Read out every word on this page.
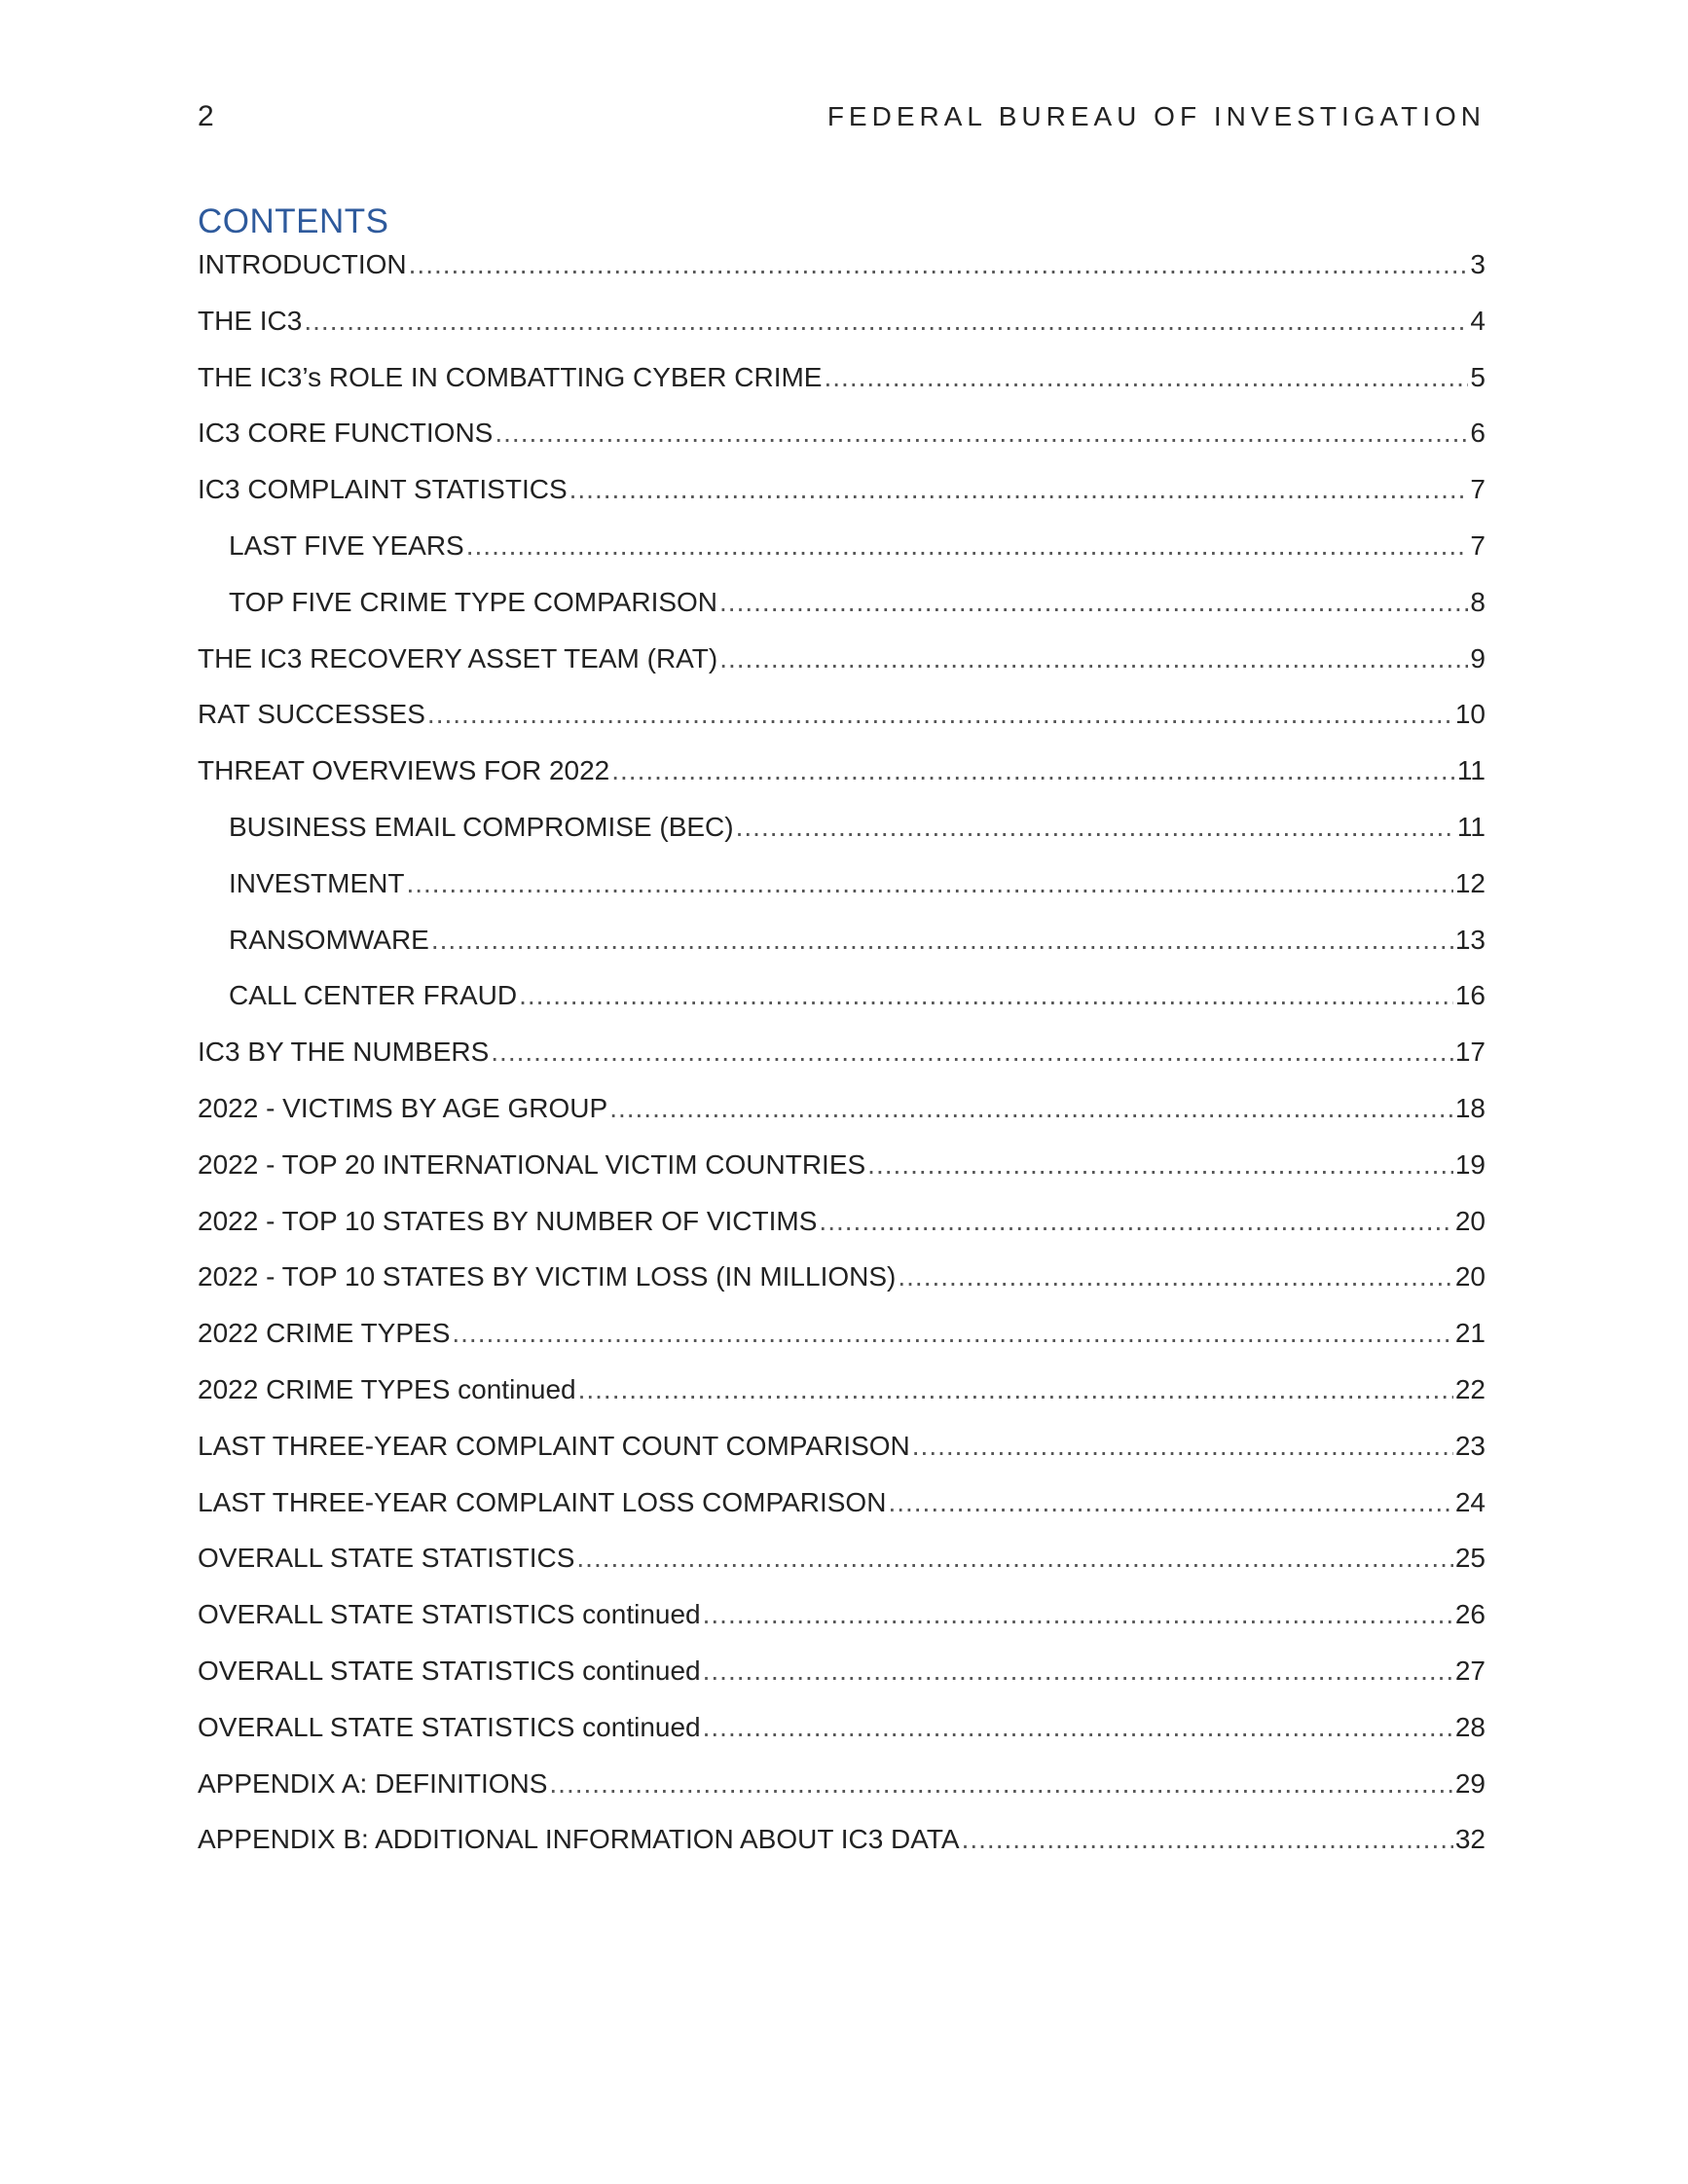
2	FEDERAL BUREAU OF INVESTIGATION
CONTENTS
INTRODUCTION .....	3
THE IC3 .....	4
THE IC3’s ROLE IN COMBATTING CYBER CRIME .....	5
IC3 CORE FUNCTIONS .....	6
IC3 COMPLAINT STATISTICS .....	7
LAST FIVE YEARS .....	7
TOP FIVE CRIME TYPE COMPARISON .....	8
THE IC3 RECOVERY ASSET TEAM (RAT) .....	9
RAT SUCCESSES .....	10
THREAT OVERVIEWS FOR 2022 .....	11
BUSINESS EMAIL COMPROMISE (BEC) .....	11
INVESTMENT .....	12
RANSOMWARE .....	13
CALL CENTER FRAUD .....	16
IC3 BY THE NUMBERS .....	17
2022 - VICTIMS BY AGE GROUP .....	18
2022 - TOP 20 INTERNATIONAL VICTIM COUNTRIES .....	19
2022 - TOP 10 STATES BY NUMBER OF VICTIMS .....	20
2022 - TOP 10 STATES BY VICTIM LOSS (IN MILLIONS) .....	20
2022 CRIME TYPES .....	21
2022 CRIME TYPES continued .....	22
LAST THREE-YEAR COMPLAINT COUNT COMPARISON .....	23
LAST THREE-YEAR COMPLAINT LOSS COMPARISON .....	24
OVERALL STATE STATISTICS .....	25
OVERALL STATE STATISTICS continued .....	26
OVERALL STATE STATISTICS continued .....	27
OVERALL STATE STATISTICS continued .....	28
APPENDIX A: DEFINITIONS .....	29
APPENDIX B: ADDITIONAL INFORMATION ABOUT IC3 DATA .....	32
